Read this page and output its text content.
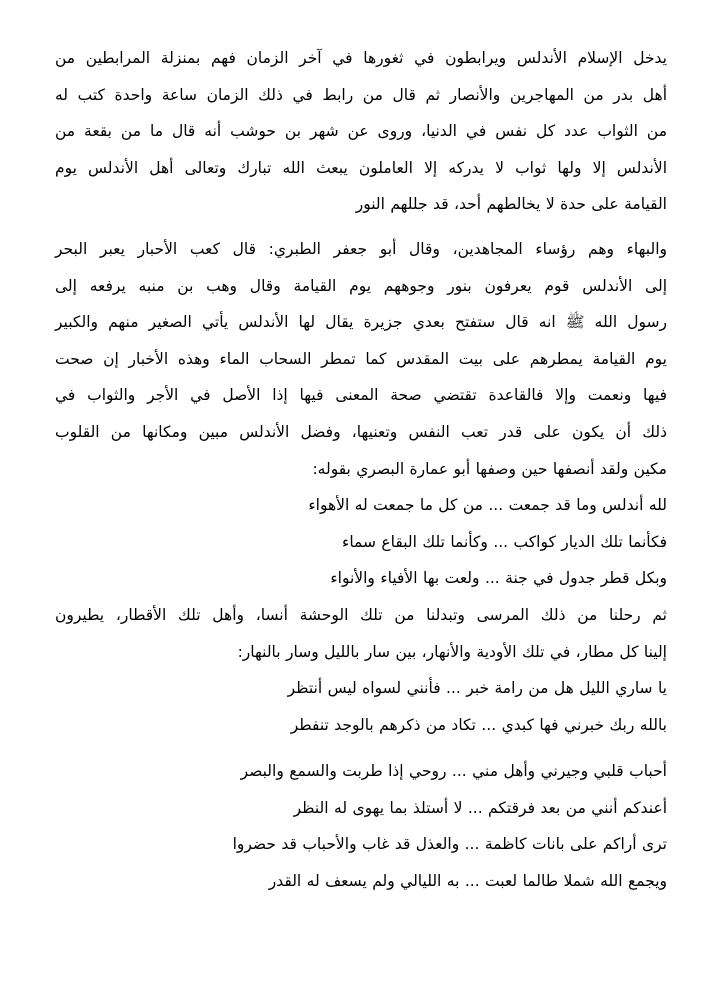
يدخل الإسلام الأندلس ويرابطون في ثغورها في آخر الزمان فهم بمنزلة المرابطين من
أهل بدر من المهاجرين والأنصار ثم قال من رابط في ذلك الزمان ساعة واحدة كتب له
من الثواب عدد كل نفس في الدنيا، وروى عن شهر بن حوشب أنه قال ما من بقعة من
الأندلس إلا ولها ثواب لا يدركه إلا العاملون يبعث الله تبارك وتعالى أهل الأندلس يوم
القيامة على حدة لا يخالطهم أحد، قد جللهم النور
والبهاء وهم رؤساء المجاهدين، وقال أبو جعفر الطبري: قال كعب الأحبار يعبر البحر
إلى الأندلس قوم يعرفون بنور وجوههم يوم القيامة وقال وهب بن منبه يرفعه إلى
رسول الله ﷺ انه قال ستفتح بعدي جزيرة يقال لها الأندلس يأتي الصغير منهم والكبير
يوم القيامة يمطرهم على بيت المقدس كما تمطر السحاب الماء وهذه الأخبار إن صحت
فيها ونعمت وإلا فالقاعدة تقتضي صحة المعنى فيها إذا الأصل في الأجر والثواب في
ذلك أن يكون على قدر تعب النفس وتعنيها، وفضل الأندلس مبين ومكانها من القلوب
مكين ولقد أنصفها حين وصفها أبو عمارة البصري بقوله:
لله أندلس وما قد جمعت ... من كل ما جمعت له الأهواء
فكأنما تلك الديار كواكب ... وكأنما تلك البقاع سماء
وبكل قطر جدول في جنة ... ولعت بها الأفياء والأنواء
ثم رحلنا من ذلك المرسى وتبدلنا من تلك الوحشة أنسا، وأهل تلك الأقطار، يطيرون
إلينا كل مطار، في تلك الأودية والأنهار، بين سار بالليل وسار بالنهار:
يا ساري الليل هل من رامة خبر ... فأنني لسواه ليس أنتظر
بالله ربك خبرني فها كبدي ... تكاد من ذكرهم بالوجد تنفطر
أحباب قلبي وجيرني وأهل مني ... روحي إذا طربت والسمع والبصر
أعندكم أنني من بعد فرقتكم ... لا أستلذ بما يهوى له النظر
ترى أراكم على بانات كاظمة ... والعذل قد غاب والأحباب قد حضروا
ويجمع الله شملا طالما لعبت ... به الليالي ولم يسعف له القدر
